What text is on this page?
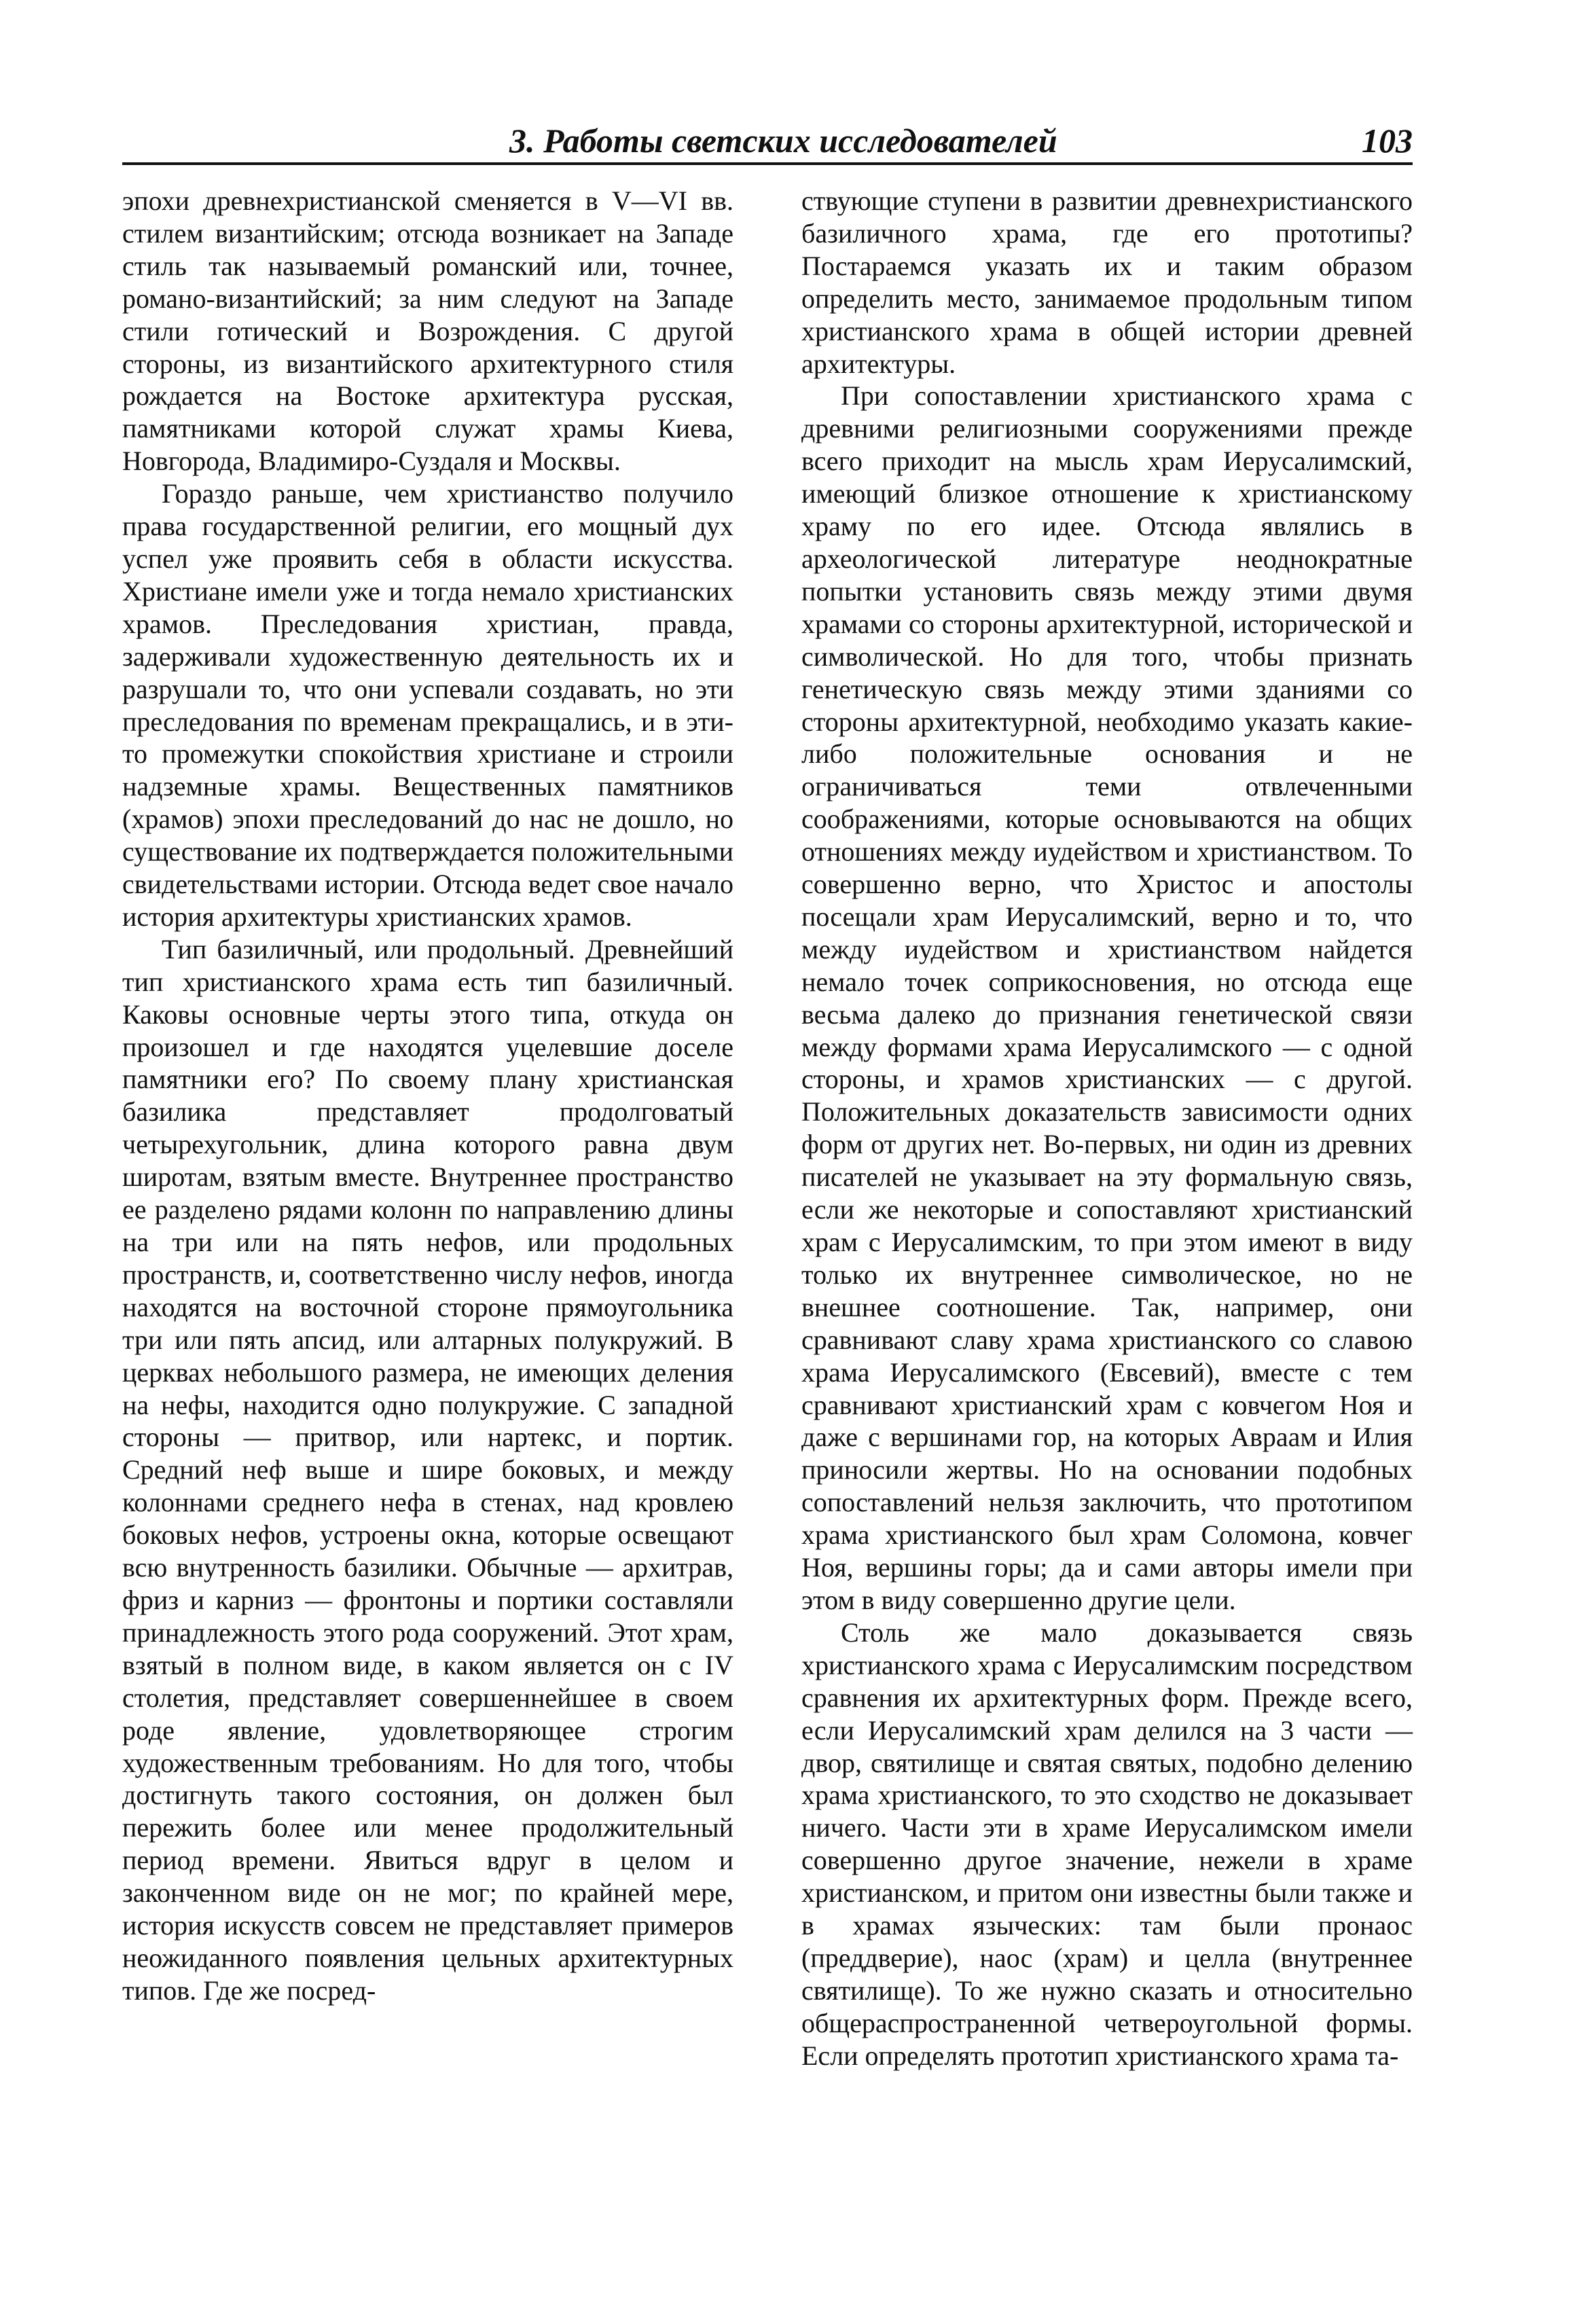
3. Работы светских исследователей	103

эпохи древнехристианской сменяется в V—VI вв. стилем византийским; отсюда возникает на Западе стиль так называемый романский или, точнее, романо-византийский; за ним следуют на Западе стили готический и Возрождения. С другой стороны, из византийского архитектурного стиля рождается на Востоке архитектура русская, памятниками которой служат храмы Киева, Новгорода, Владимиро-Суздаля и Москвы.

Гораздо раньше, чем христианство получило права государственной религии, его мощный дух успел уже проявить себя в области искусства. Христиане имели уже и тогда немало христианских храмов. Преследования христиан, правда, задерживали художественную деятельность их и разрушали то, что они успевали создавать, но эти преследования по временам прекращались, и в эти-то промежутки спокойствия христиане и строили надземные храмы. Вещественных памятников (храмов) эпохи преследований до нас не дошло, но существование их подтверждается положительными свидетельствами истории. Отсюда ведет свое начало история архитектуры христианских храмов.

Тип базиличный, или продольный. Древнейший тип христианского храма есть тип базиличный. Каковы основные черты этого типа, откуда он произошел и где находятся уцелевшие доселе памятники его? По своему плану христианская базилика представляет продолговатый четырехугольник, длина которого равна двум широтам, взятым вместе. Внутреннее пространство ее разделено рядами колонн по направлению длины на три или на пять нефов, или продольных пространств, и, соответственно числу нефов, иногда находятся на восточной стороне прямоугольника три или пять апсид, или алтарных полукружий. В церквах небольшого размера, не имеющих деления на нефы, находится одно полукружие. С западной стороны — притвор, или нартекс, и портик. Средний неф выше и шире боковых, и между колоннами среднего нефа в стенах, над кровлею боковых нефов, устроены окна, которые освещают всю внутренность базилики. Обычные — архитрав, фриз и карниз — фронтоны и портики составляли принадлежность этого рода сооружений. Этот храм, взятый в полном виде, в каком является он с IV столетия, представляет совершеннейшее в своем роде явление, удовлетворяющее строгим художественным требованиям. Но для того, чтобы достигнуть такого состояния, он должен был пережить более или менее продолжительный период времени. Явиться вдруг в целом и законченном виде он не мог; по крайней мере, история искусств совсем не представляет примеров неожиданного появления цельных архитектурных типов. Где же посред-

ствующие ступени в развитии древнехристианского базиличного храма, где его прототипы? Постараемся указать их и таким образом определить место, занимаемое продольным типом христианского храма в общей истории древней архитектуры.

При сопоставлении христианского храма с древними религиозными сооружениями прежде всего приходит на мысль храм Иерусалимский, имеющий близкое отношение к христианскому храму по его идее. Отсюда являлись в археологической литературе неоднократные попытки установить связь между этими двумя храмами со стороны архитектурной, исторической и символической. Но для того, чтобы признать генетическую связь между этими зданиями со стороны архитектурной, необходимо указать какие-либо положительные основания и не ограничиваться теми отвлеченными соображениями, которые основываются на общих отношениях между иудейством и христианством. То совершенно верно, что Христос и апостолы посещали храм Иерусалимский, верно и то, что между иудейством и христианством найдется немало точек соприкосновения, но отсюда еще весьма далеко до признания генетической связи между формами храма Иерусалимского — с одной стороны, и храмов христианских — с другой. Положительных доказательств зависимости одних форм от других нет. Во-первых, ни один из древних писателей не указывает на эту формальную связь, если же некоторые и сопоставляют христианский храм с Иерусалимским, то при этом имеют в виду только их внутреннее символическое, но не внешнее соотношение. Так, например, они сравнивают славу храма христианского со славою храма Иерусалимского (Евсевий), вместе с тем сравнивают христианский храм с ковчегом Ноя и даже с вершинами гор, на которых Авраам и Илия приносили жертвы. Но на основании подобных сопоставлений нельзя заключить, что прототипом храма христианского был храм Соломона, ковчег Ноя, вершины горы; да и сами авторы имели при этом в виду совершенно другие цели.

Столь же мало доказывается связь христианского храма с Иерусалимским посредством сравнения их архитектурных форм. Прежде всего, если Иерусалимский храм делился на 3 части — двор, святилище и святая святых, подобно делению храма христианского, то это сходство не доказывает ничего. Части эти в храме Иерусалимском имели совершенно другое значение, нежели в храме христианском, и притом они известны были также и в храмах языческих: там были пронаос (преддверие), наос (храм) и целла (внутреннее святилище). То же нужно сказать и относительно общераспространенной четвероугольной формы. Если определять прототип христианского храма та-
